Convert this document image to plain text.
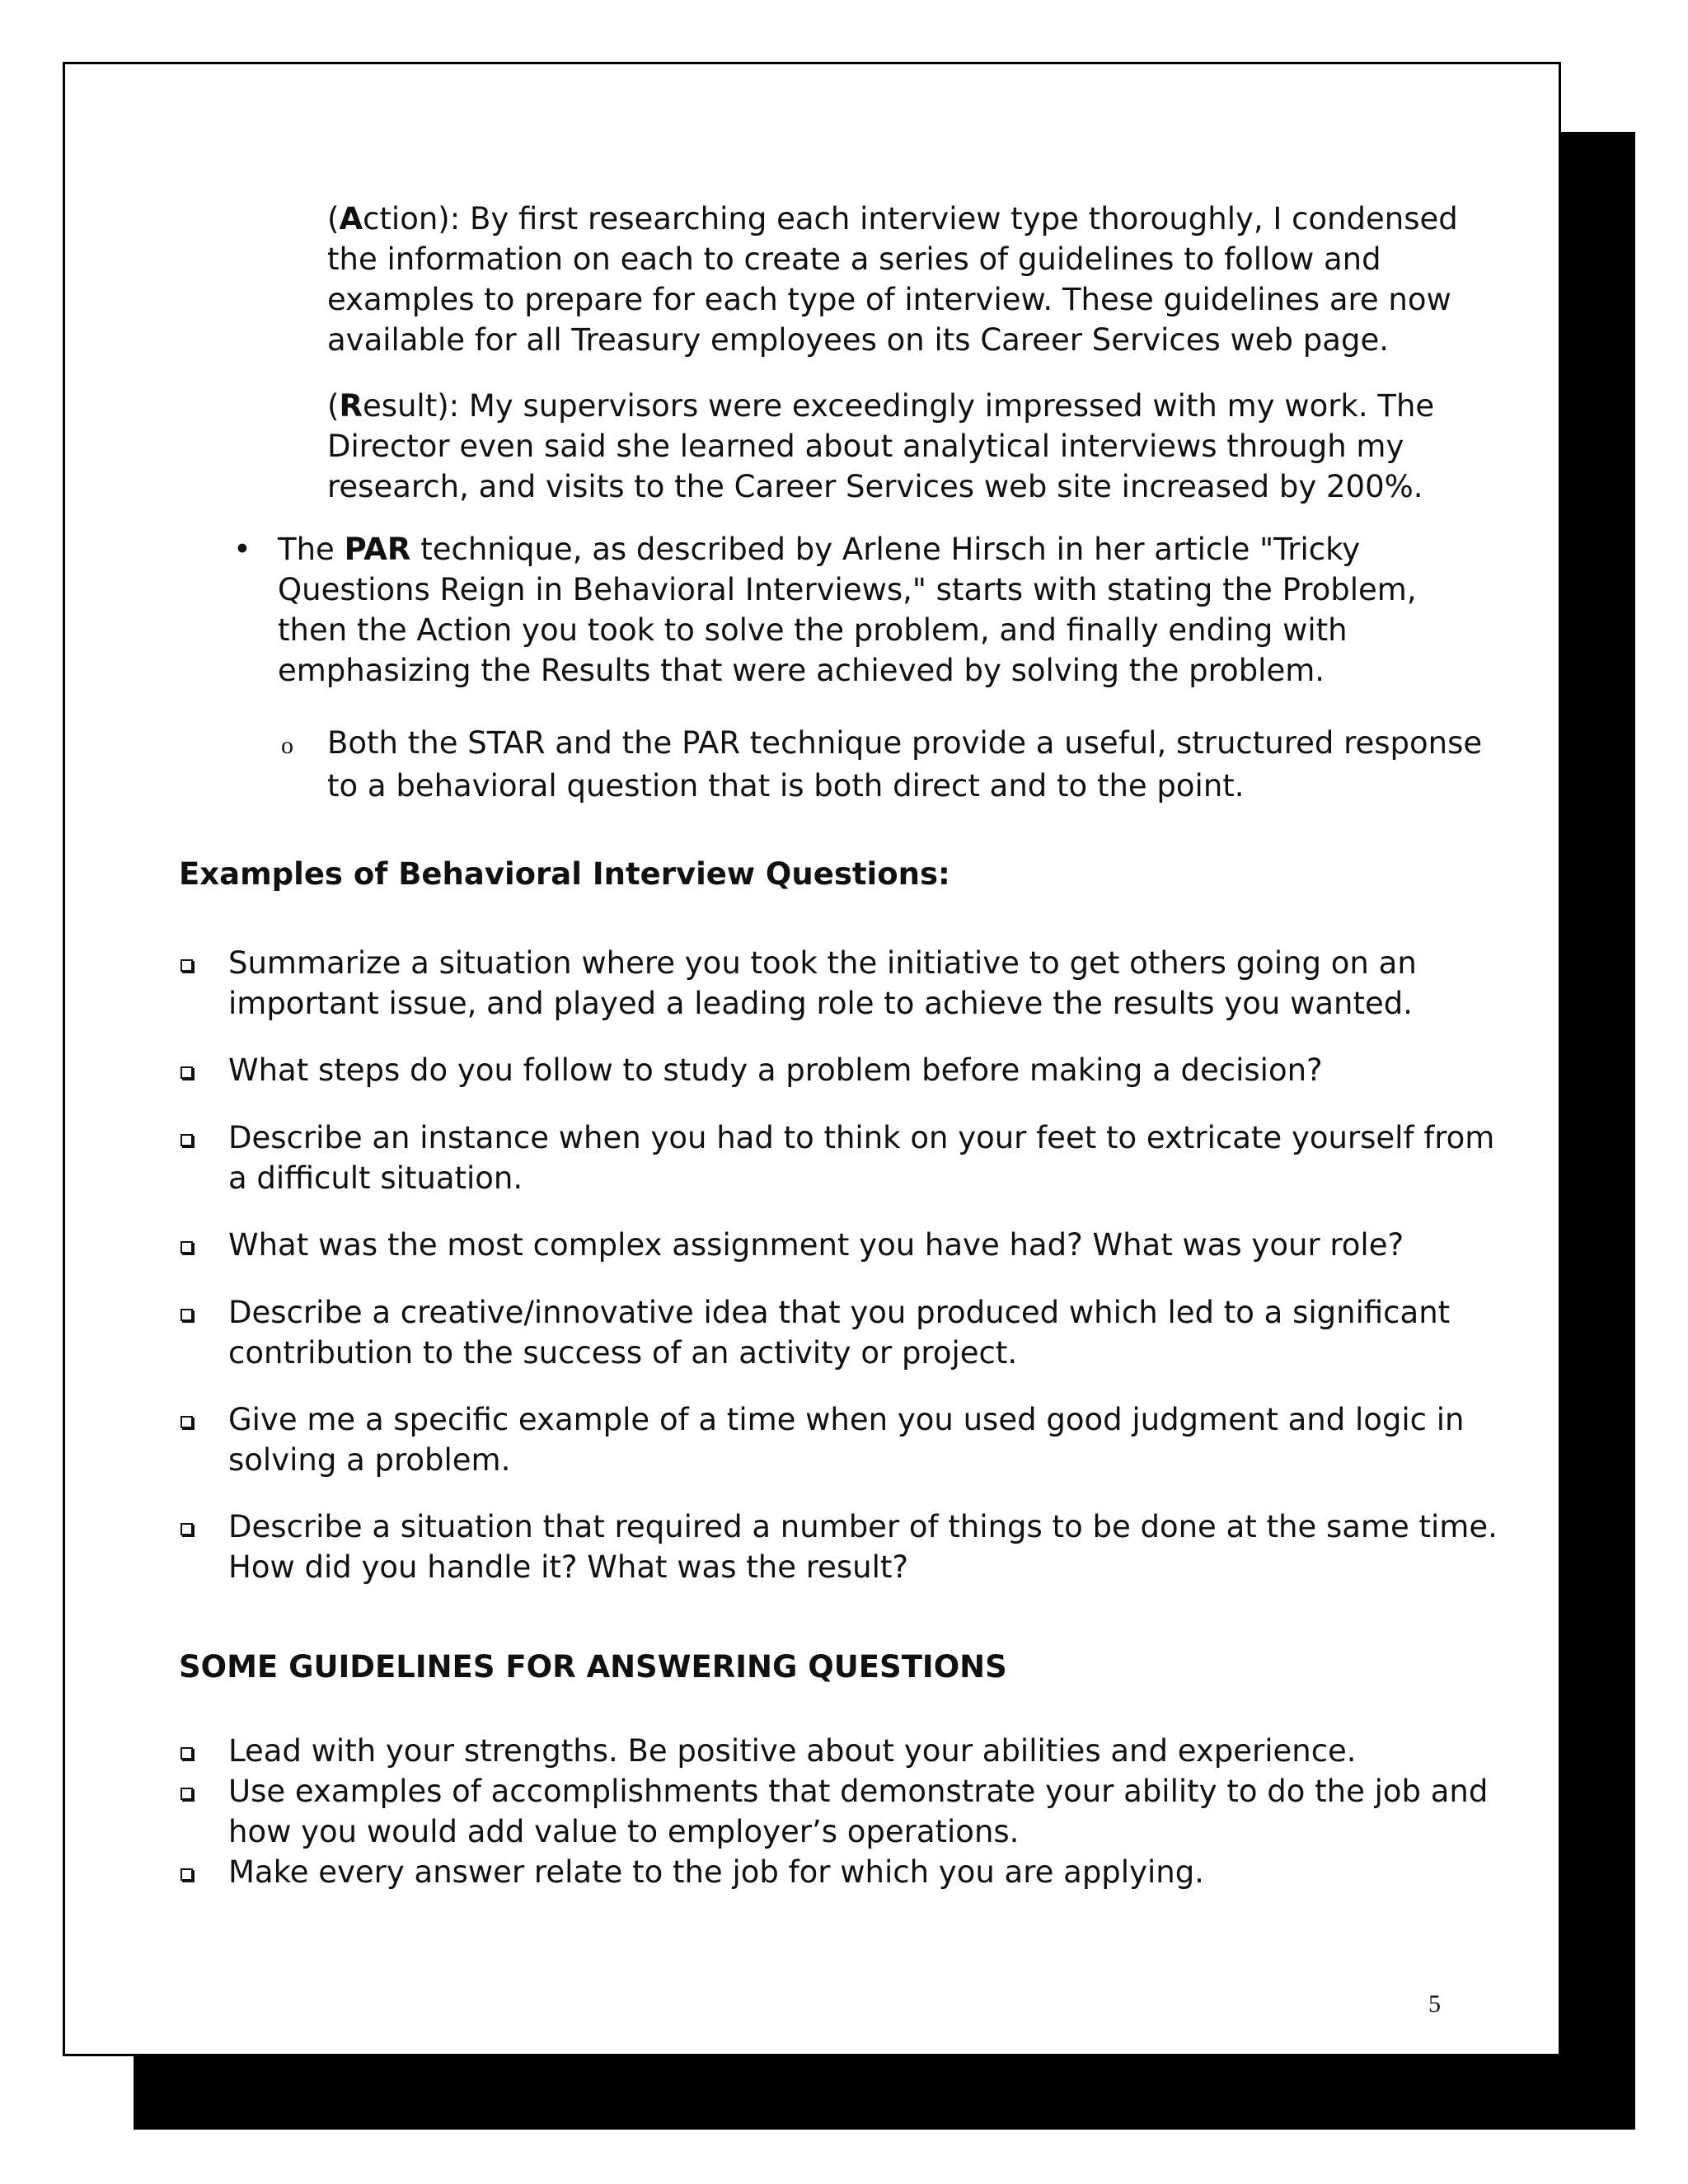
(Action): By first researching each interview type thoroughly, I condensed the information on each to create a series of guidelines to follow and examples to prepare for each type of interview. These guidelines are now available for all Treasury employees on its Career Services web page.

(Result): My supervisors were exceedingly impressed with my work. The Director even said she learned about analytical interviews through my research, and visits to the Career Services web site increased by 200%.

• The PAR technique, as described by Arlene Hirsch in her article "Tricky Questions Reign in Behavioral Interviews," starts with stating the Problem, then the Action you took to solve the problem, and finally ending with emphasizing the Results that were achieved by solving the problem.

o Both the STAR and the PAR technique provide a useful, structured response to a behavioral question that is both direct and to the point.

Examples of Behavioral Interview Questions:

Summarize a situation where you took the initiative to get others going on an important issue, and played a leading role to achieve the results you wanted.

What steps do you follow to study a problem before making a decision?

Describe an instance when you had to think on your feet to extricate yourself from a difficult situation.

What was the most complex assignment you have had? What was your role?

Describe a creative/innovative idea that you produced which led to a significant contribution to the success of an activity or project.

Give me a specific example of a time when you used good judgment and logic in solving a problem.

Describe a situation that required a number of things to be done at the same time. How did you handle it? What was the result?

SOME GUIDELINES FOR ANSWERING QUESTIONS

Lead with your strengths. Be positive about your abilities and experience.

Use examples of accomplishments that demonstrate your ability to do the job and how you would add value to employer’s operations.

Make every answer relate to the job for which you are applying.

5
